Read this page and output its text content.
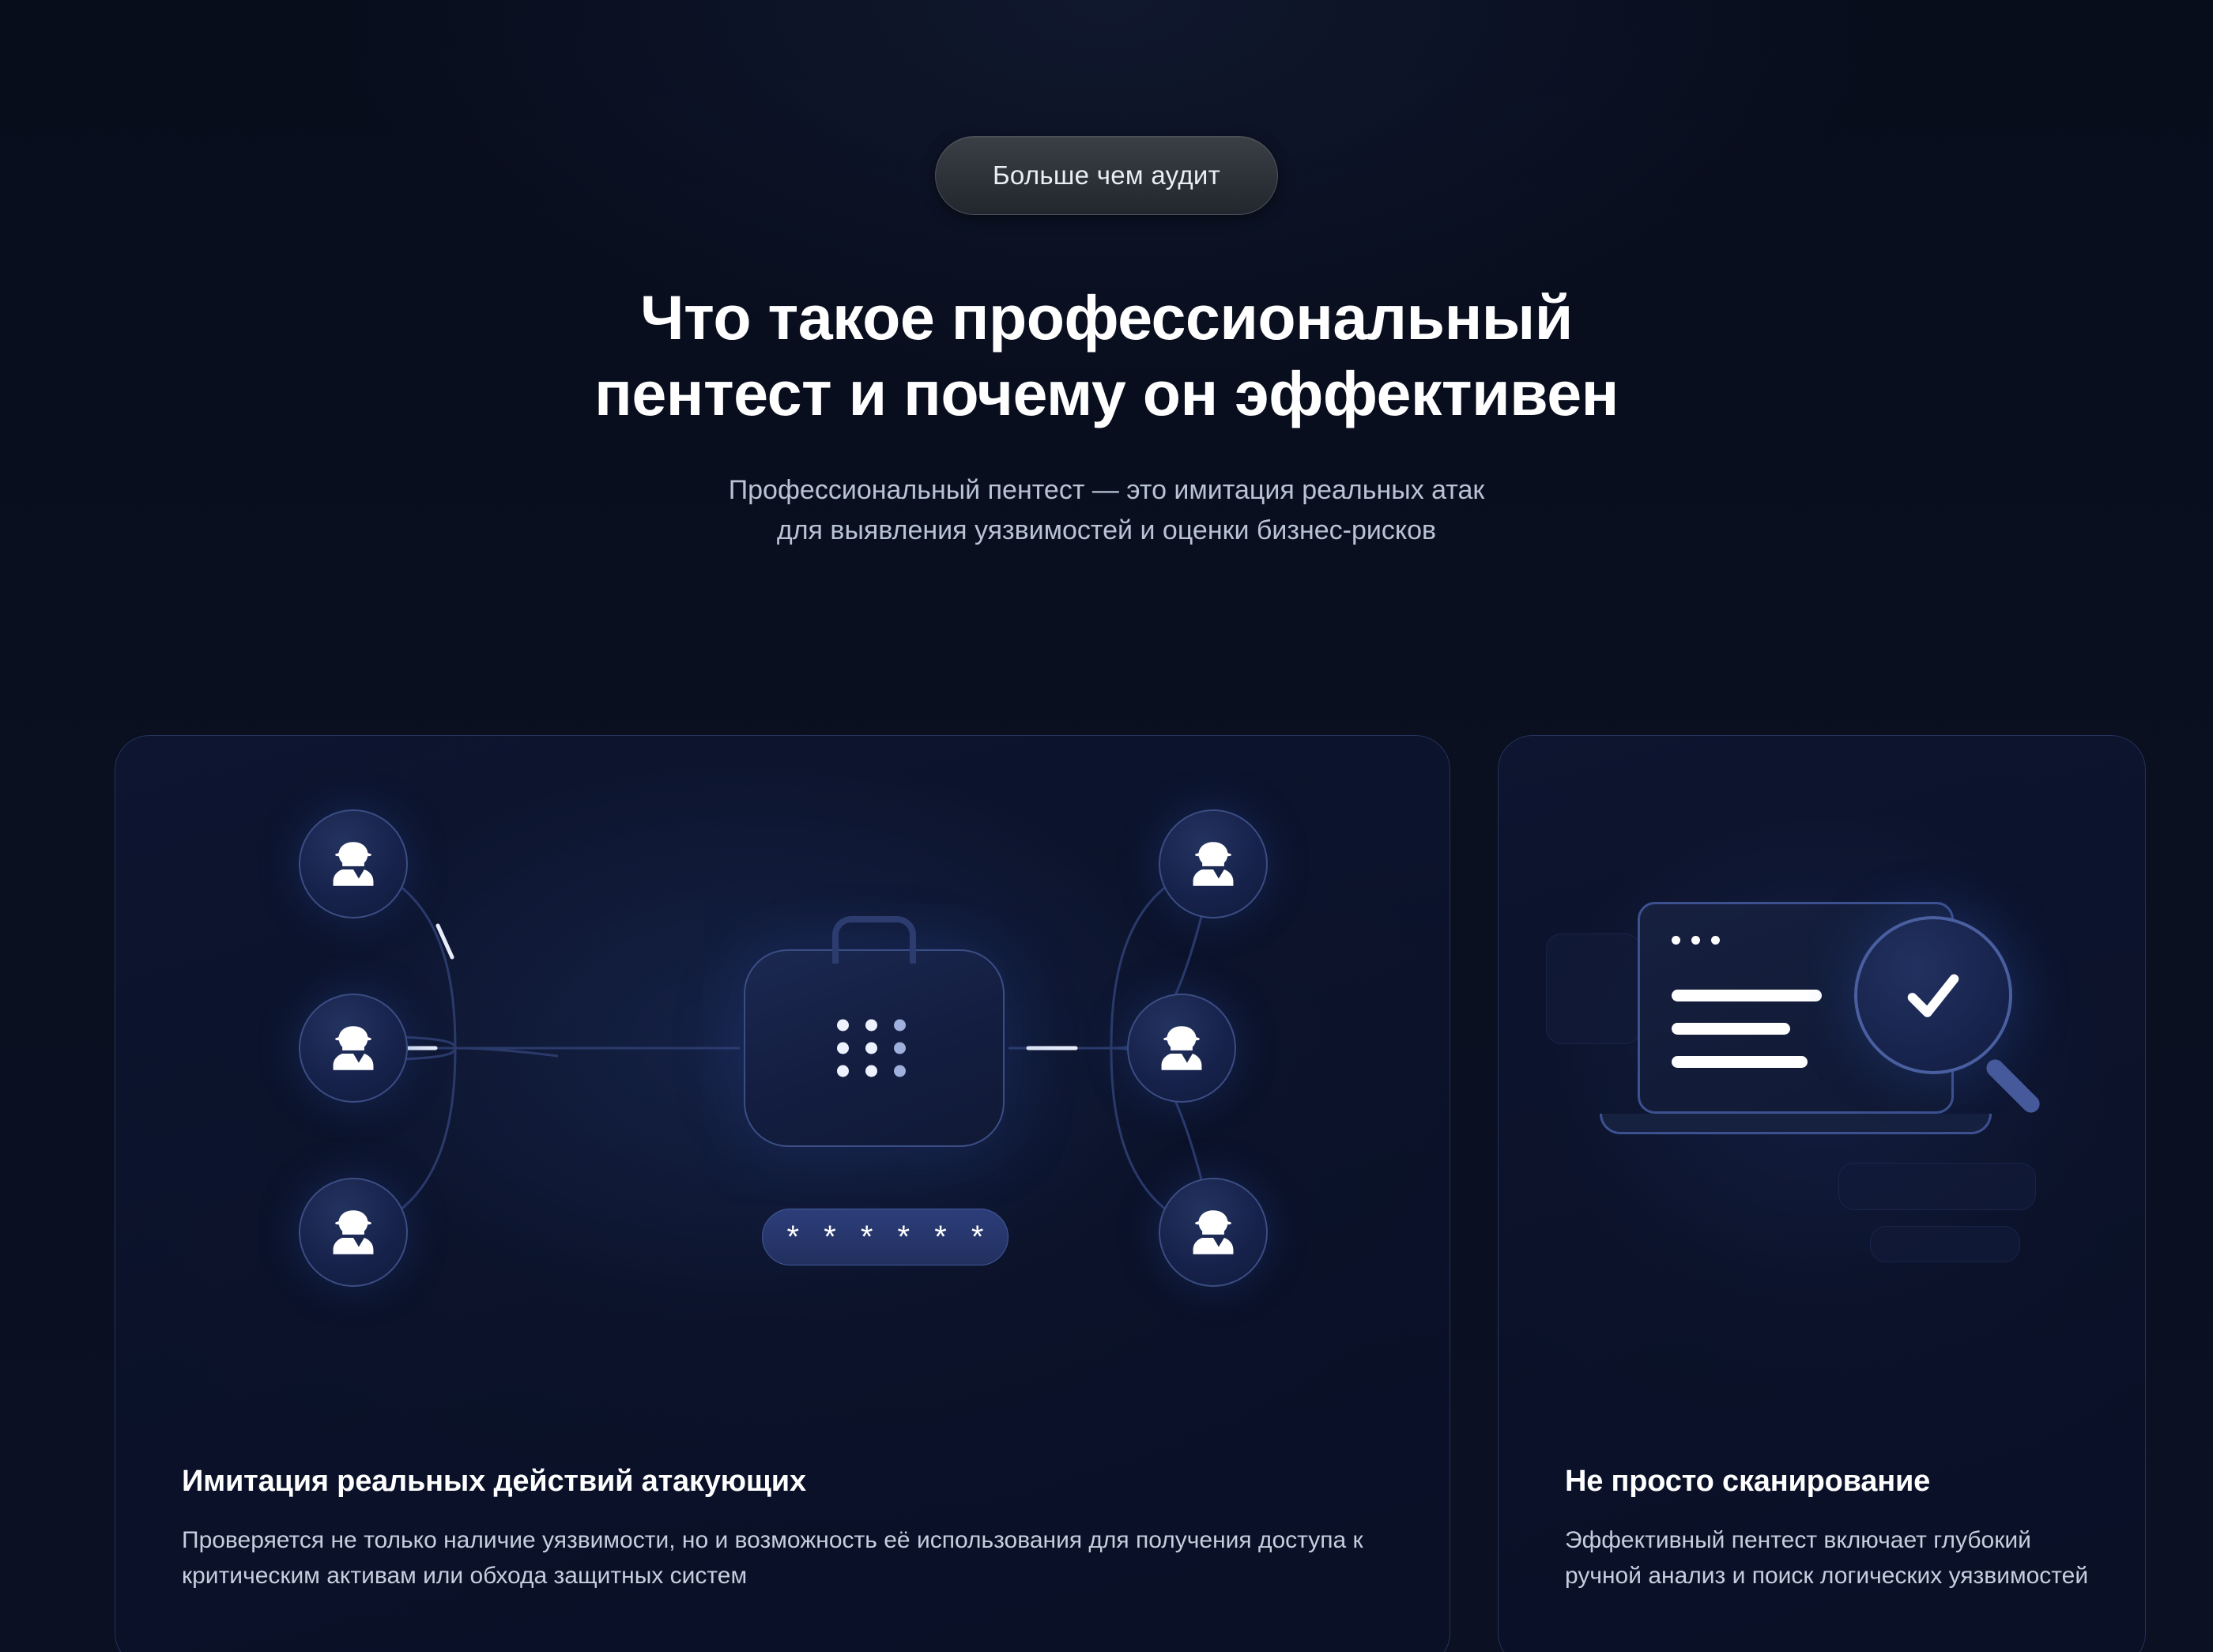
Больше чем аудит
Что такое профессиональный
пентест и почему он эффективен

Профессиональный пентест — это имитация реальных атак
для выявления уязвимостей и оценки бизнес-рисков

* * * * * *
Имитация реальных действий атакующих
Проверяется не только наличие уязвимости, но и возможность её использования для получения доступа к критическим активам или обхода защитных систем
Не просто сканирование
Эффективный пентест включает глубокий ручной анализ и поиск логических уязвимостей
